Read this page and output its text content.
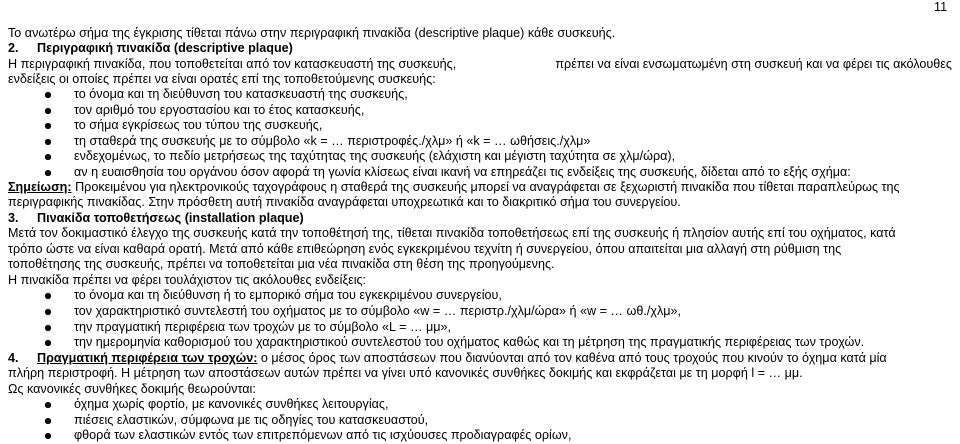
11
Το ανωτέρω σήμα της έγκρισης τίθεται πάνω στην περιγραφική πινακίδα (descriptive plaque) κάθε συσκευής.
2. Περιγραφική πινακίδα (descriptive plaque)
Η περιγραφική πινακίδα, που τοποθετείται από τον κατασκευαστή της συσκευής,	πρέπει να είναι ενσωματωμένη στη συσκευή και να φέρει τις ακόλουθες
ενδείξεις οι οποίες πρέπει να είναι ορατές επί της τοποθετούμενης συσκευής:
το όνομα και τη διεύθυνση του κατασκευαστή της συσκευής,
τον αριθμό του εργοστασίου και το έτος κατασκευής,
το σήμα εγκρίσεως του τύπου της συσκευής,
τη σταθερά της συσκευής με το σύμβολο «k = … περιστροφές./χλμ» ή «k = … ωθήσεις./χλμ»
ενδεχομένως, το πεδίο μετρήσεως της ταχύτητας της συσκευής (ελάχιστη και μέγιστη ταχύτητα σε χλμ/ώρα),
αν η ευαισθησία του οργάνου όσον αφορά τη γωνία κλίσεως είναι ικανή να επηρεάζει τις ενδείξεις της συσκευής, δίδεται από το εξής σχήμα:
Σημείωση: Προκειμένου για ηλεκτρονικούς ταχογράφους η σταθερά της συσκευής μπορεί να αναγράφεται σε ξεχωριστή πινακίδα που τίθεται παραπλεύρως της
περιγραφικής πινακίδας. Στην πρόσθετη αυτή πινακίδα αναγράφεται υποχρεωτικά και το διακριτικό σήμα του συνεργείου.
3. Πινακίδα τοποθετήσεως (installation plaque)
Μετά τον δοκιμαστικό έλεγχο της συσκευής κατά την τοποθέτησή της, τίθεται πινακίδα τοποθετήσεως επί της συσκευής ή πλησίον αυτής επί του οχήματος, κατά
τρόπο ώστε να είναι καθαρά ορατή. Μετά από κάθε επιθεώρηση ενός εγκεκριμένου τεχνίτη ή συνεργείου, όπου απαιτείται μια αλλαγή στη ρύθμιση της
τοποθέτησης της συσκευής, πρέπει να τοποθετείται μια νέα πινακίδα στη θέση της προηγούμενης.
Η πινακίδα πρέπει να φέρει τουλάχιστον τις ακόλουθες ενδείξεις:
το όνομα και τη διεύθυνση ή το εμπορικό σήμα του εγκεκριμένου συνεργείου,
τον χαρακτηριστικό συντελεστή του οχήματος με το σύμβολο «w = … περιστρ./χλμ/ώρα» ή «w = … ωθ./χλμ»,
την πραγματική περιφέρεια των τροχών με το σύμβολο «L = … μμ»,
την ημερομηνία καθορισμού του χαρακτηριστικού συντελεστού του οχήματος καθώς και τη μέτρηση της πραγματικής περιφέρειας των τροχών.
4. Πραγματική περιφέρεια των τροχών: ο μέσος όρος των αποστάσεων που διανύονται από τον καθένα από τους τροχούς που κινούν το όχημα κατά μία
πλήρη περιστροφή. Η μέτρηση των αποστάσεων αυτών πρέπει να γίνει υπό κανονικές συνθήκες δοκιμής και εκφράζεται με τη μορφή l = … μμ.
Ως κανονικές συνθήκες δοκιμής θεωρούνται:
όχημα χωρίς φορτίο, με κανονικές συνθήκες λειτουργίας,
πιέσεις ελαστικών, σύμφωνα με τις οδηγίες του κατασκευαστού,
φθορά των ελαστικών εντός των επιτρεπόμενων από τις ισχύουσες προδιαγραφές ορίων,
